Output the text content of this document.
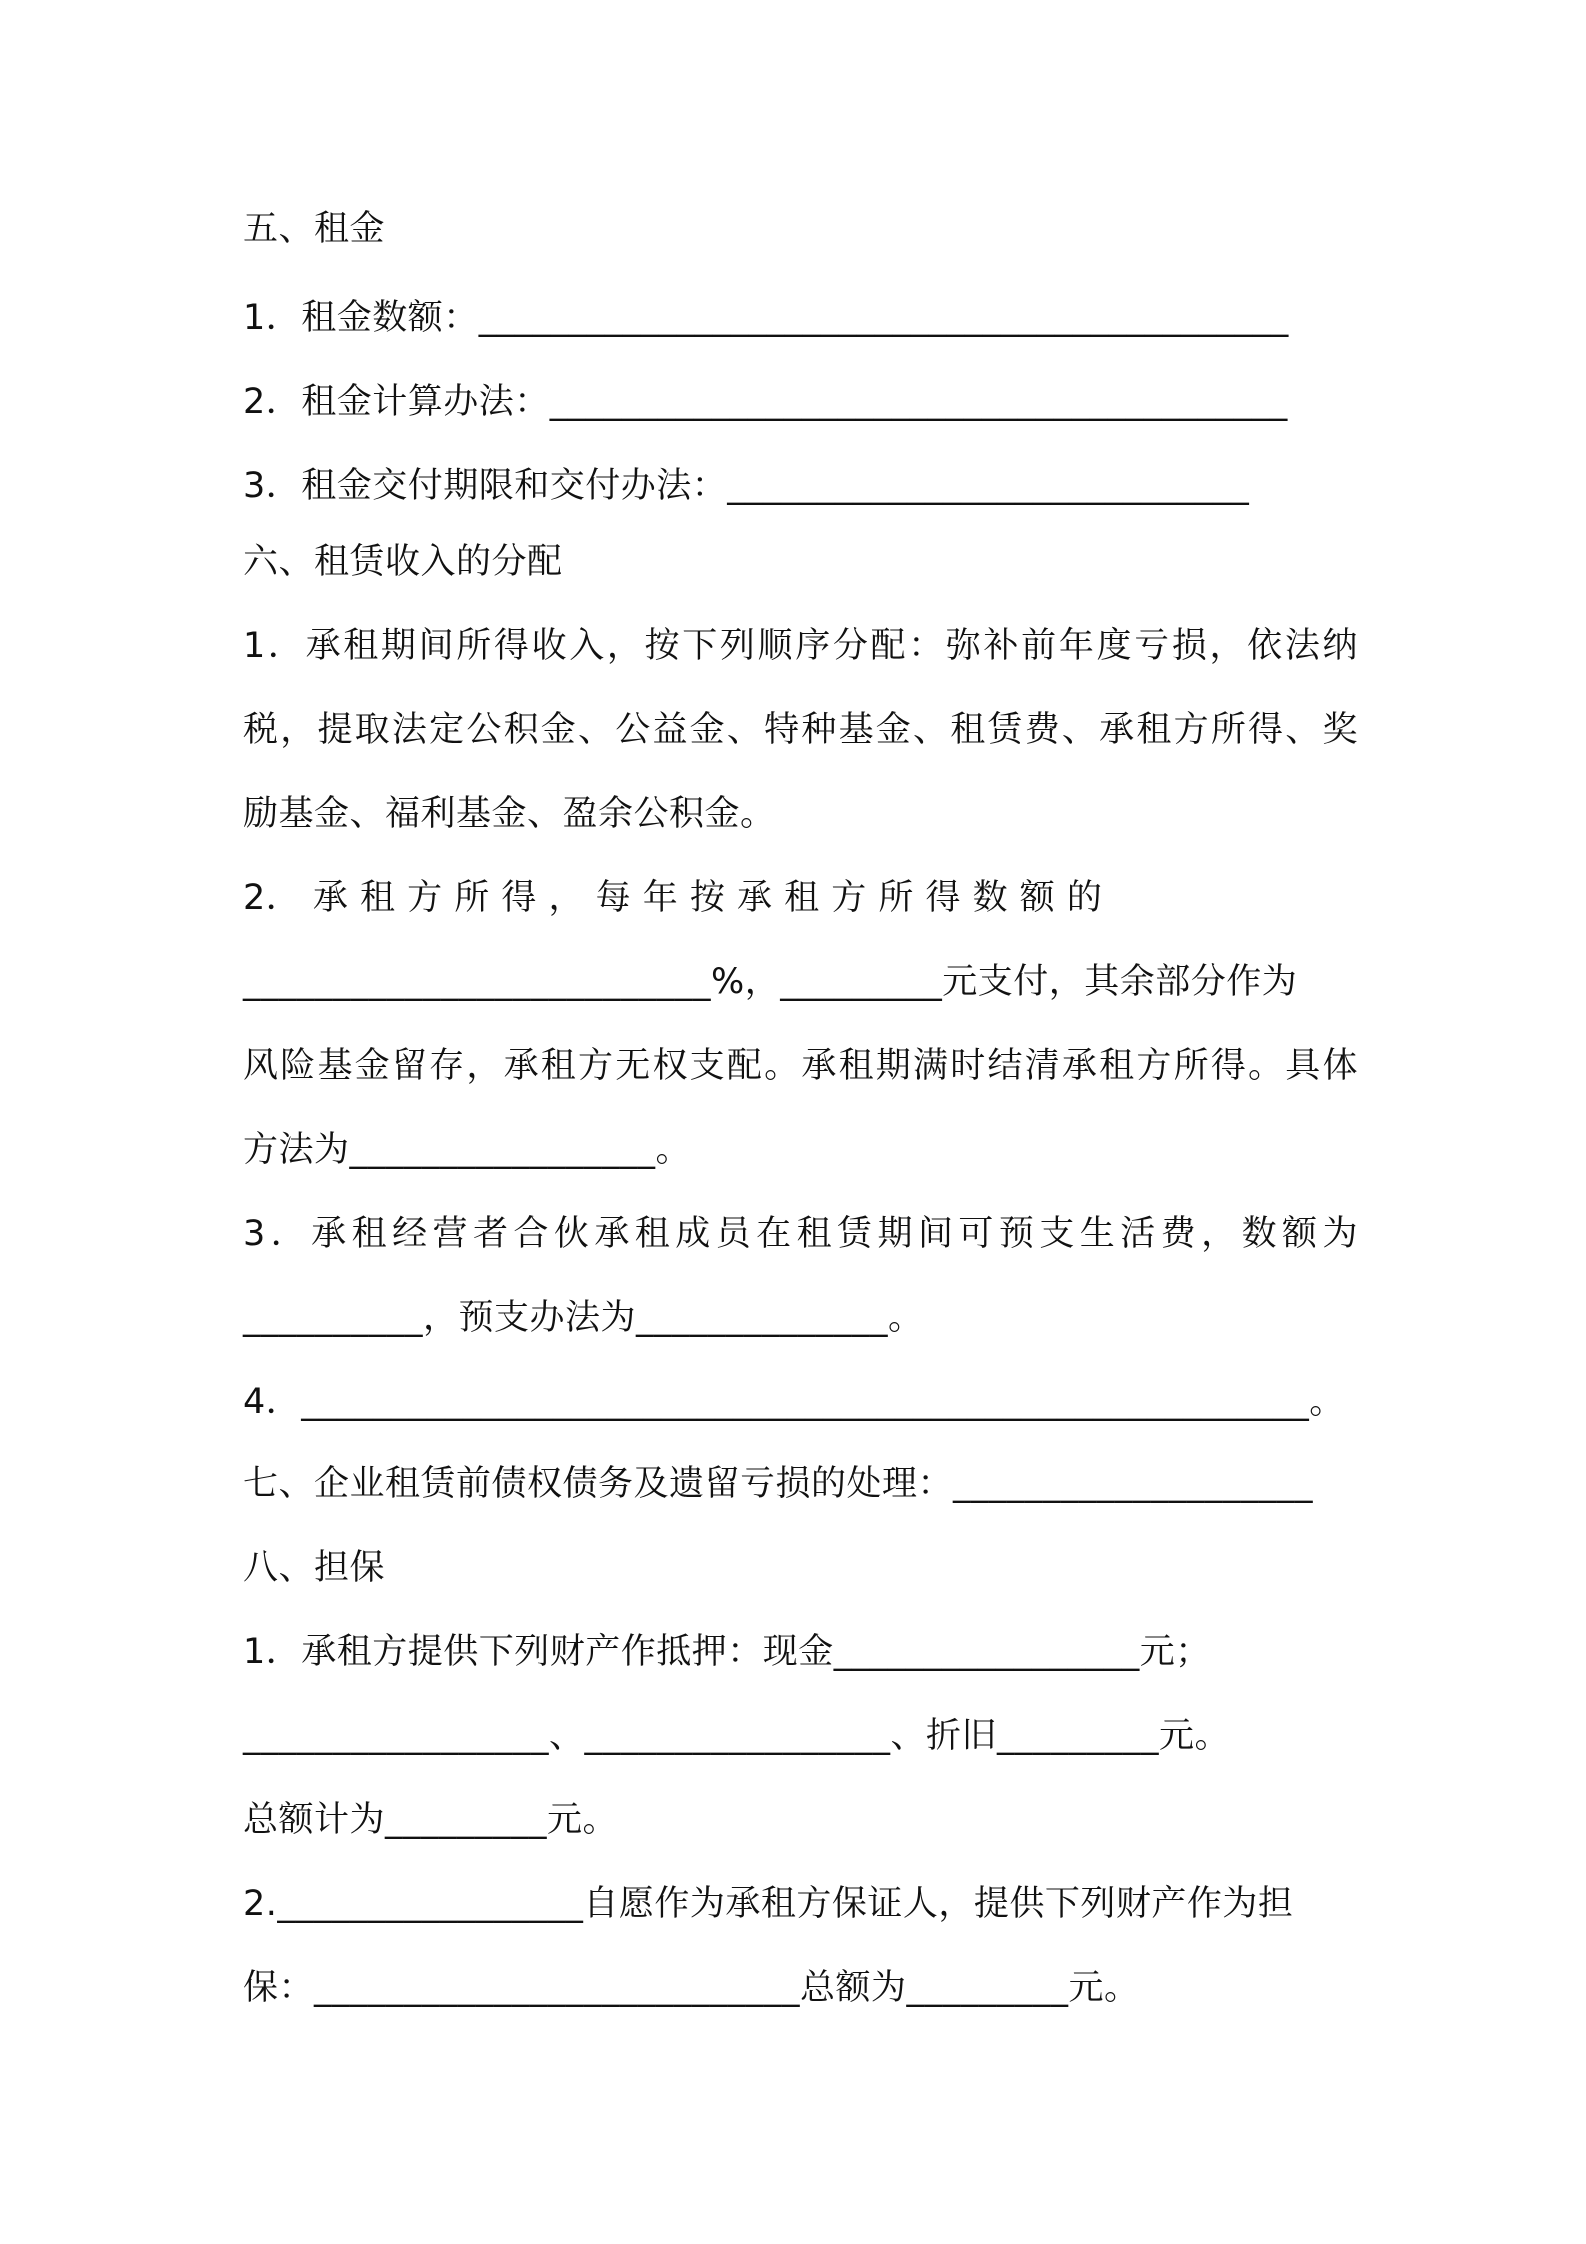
五、租金
1．租金数额：_____________________________________________
2．租金计算办法：_________________________________________
3．租金交付期限和交付办法：_____________________________
六、租赁收入的分配
1．承租期间所得收入，按下列顺序分配：弥补前年度亏损，依法纳
税，提取法定公积金、公益金、特种基金、租赁费、承租方所得、奖
励基金、福利基金、盈余公积金。
2． 承 租 方 所 得 ， 每 年 按 承 租 方 所 得 数 额 的
__________________________%，_________元支付，其余部分作为
风险基金留存，承租方无权支配。承租期满时结清承租方所得。具体
方法为_________________。
3．承租经营者合伙承租成员在租赁期间可预支生活费，数额为
__________，预支办法为______________。
4．________________________________________________________。
七、企业租赁前债权债务及遗留亏损的处理：____________________
八、担保
1．承租方提供下列财产作抵押：现金_________________元；
_________________、_________________、折旧_________元。
总额计为_________元。
2._________________自愿作为承租方保证人，提供下列财产作为担
保：___________________________总额为_________元。
